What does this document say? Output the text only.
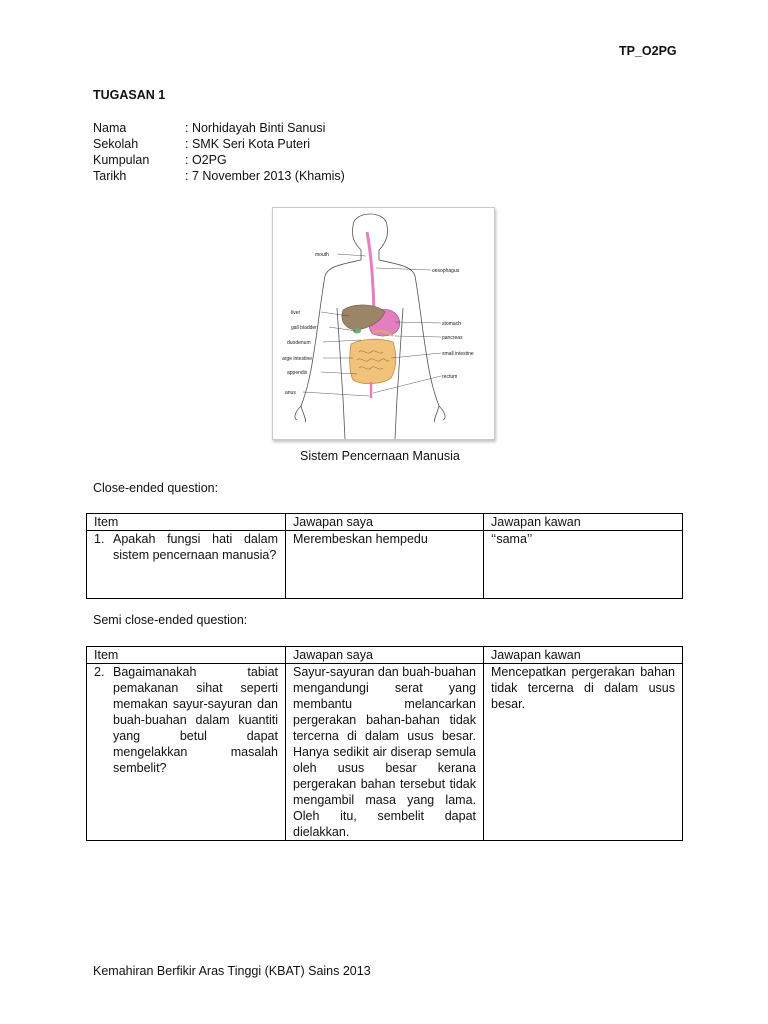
TP_O2PG
TUGASAN 1
Nama	: Norhidayah Binti Sanusi
Sekolah	: SMK Seri Kota Puteri
Kumpulan	: O2PG
Tarikh	: 7 November 2013 (Khamis)
mouth
oesophagus
liver
stomach
gall bladder
pancreas
duodenum
small intestine
arge intestine
appendix
rectum
anus
Sistem Pencernaan Manusia
Close-ended question:
Item	Jawapan saya	Jawapan kawan

1. Apakah fungsi hati dalam sistem pencernaan manusia?	Merembeskan hempedu	‘‘sama’’
Semi close-ended question:
Item	Jawapan saya	Jawapan kawan

2. Bagaimanakah tabiat pemakanan sihat seperti memakan sayur-sayuran dan buah-buahan dalam kuantiti yang betul dapat mengelakkan masalah sembelit?	Sayur-sayuran dan buah-buahan mengandungi serat yang membantu melancarkan pergerakan bahan-bahan tidak tercerna di dalam usus besar. Hanya sedikit air diserap semula oleh usus besar kerana pergerakan bahan tersebut tidak mengambil masa yang lama. Oleh itu, sembelit dapat dielakkan.	Mencepatkan pergerakan bahan tidak tercerna di dalam usus besar.
Kemahiran Berfikir Aras Tinggi (KBAT) Sains 2013
